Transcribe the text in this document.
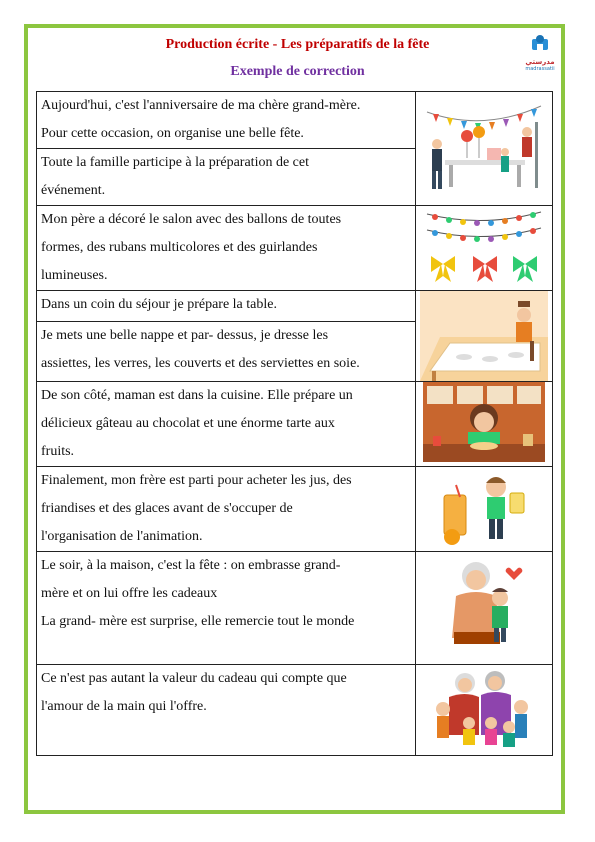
Production écrite - Les préparatifs de la fête
Exemple de correction
مدرستي
madrassatii
Aujourd'hui, c'est l'anniversaire de ma chère grand-mère.
Pour cette occasion, on organise une belle fête.

Toute la famille participe à la préparation de cet
événement.	

Mon père a décoré le salon avec des ballons de toutes
formes, des rubans multicolores et des guirlandes
lumineuses.

Dans un coin du séjour je prépare la table.

Je mets une belle nappe et par- dessus, je dresse les
assiettes, les verres, les couverts et des serviettes en soie.	

De son côté, maman est dans la cuisine. Elle prépare un
délicieux gâteau au chocolat et une énorme tarte aux
fruits.

Finalement, mon frère est parti pour acheter les jus, des
friandises et des glaces avant de s'occuper de
l'organisation de l'animation.

Le soir, à la maison, c'est la fête : on embrasse grand-
mère et on lui offre les cadeaux
La grand- mère est surprise, elle remercie tout le monde

Ce n'est pas autant la valeur du cadeau qui compte que
l'amour de la main qui l'offre.
